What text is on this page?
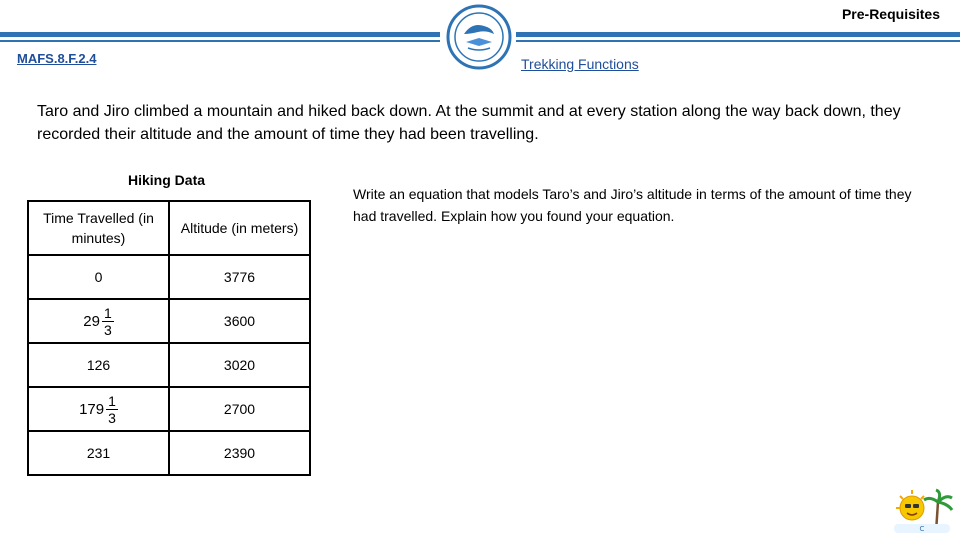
Pre-Requisites
MAFS.8.F.2.4	Trekking Functions
Taro and Jiro climbed a mountain and hiked back down. At the summit and at every station along the way back down, they recorded their altitude and the amount of time they had been travelling.
Hiking Data
Time Travelled (in minutes)	Altitude (in meters)
0	3776

$29 \frac{1}{3}$	3600
126	3020

$179 \frac{1}{3}$	2700
231	2390
Write an equation that models Taro’s and Jiro’s altitude in terms of the amount of time they had travelled. Explain how you found your equation.
C
